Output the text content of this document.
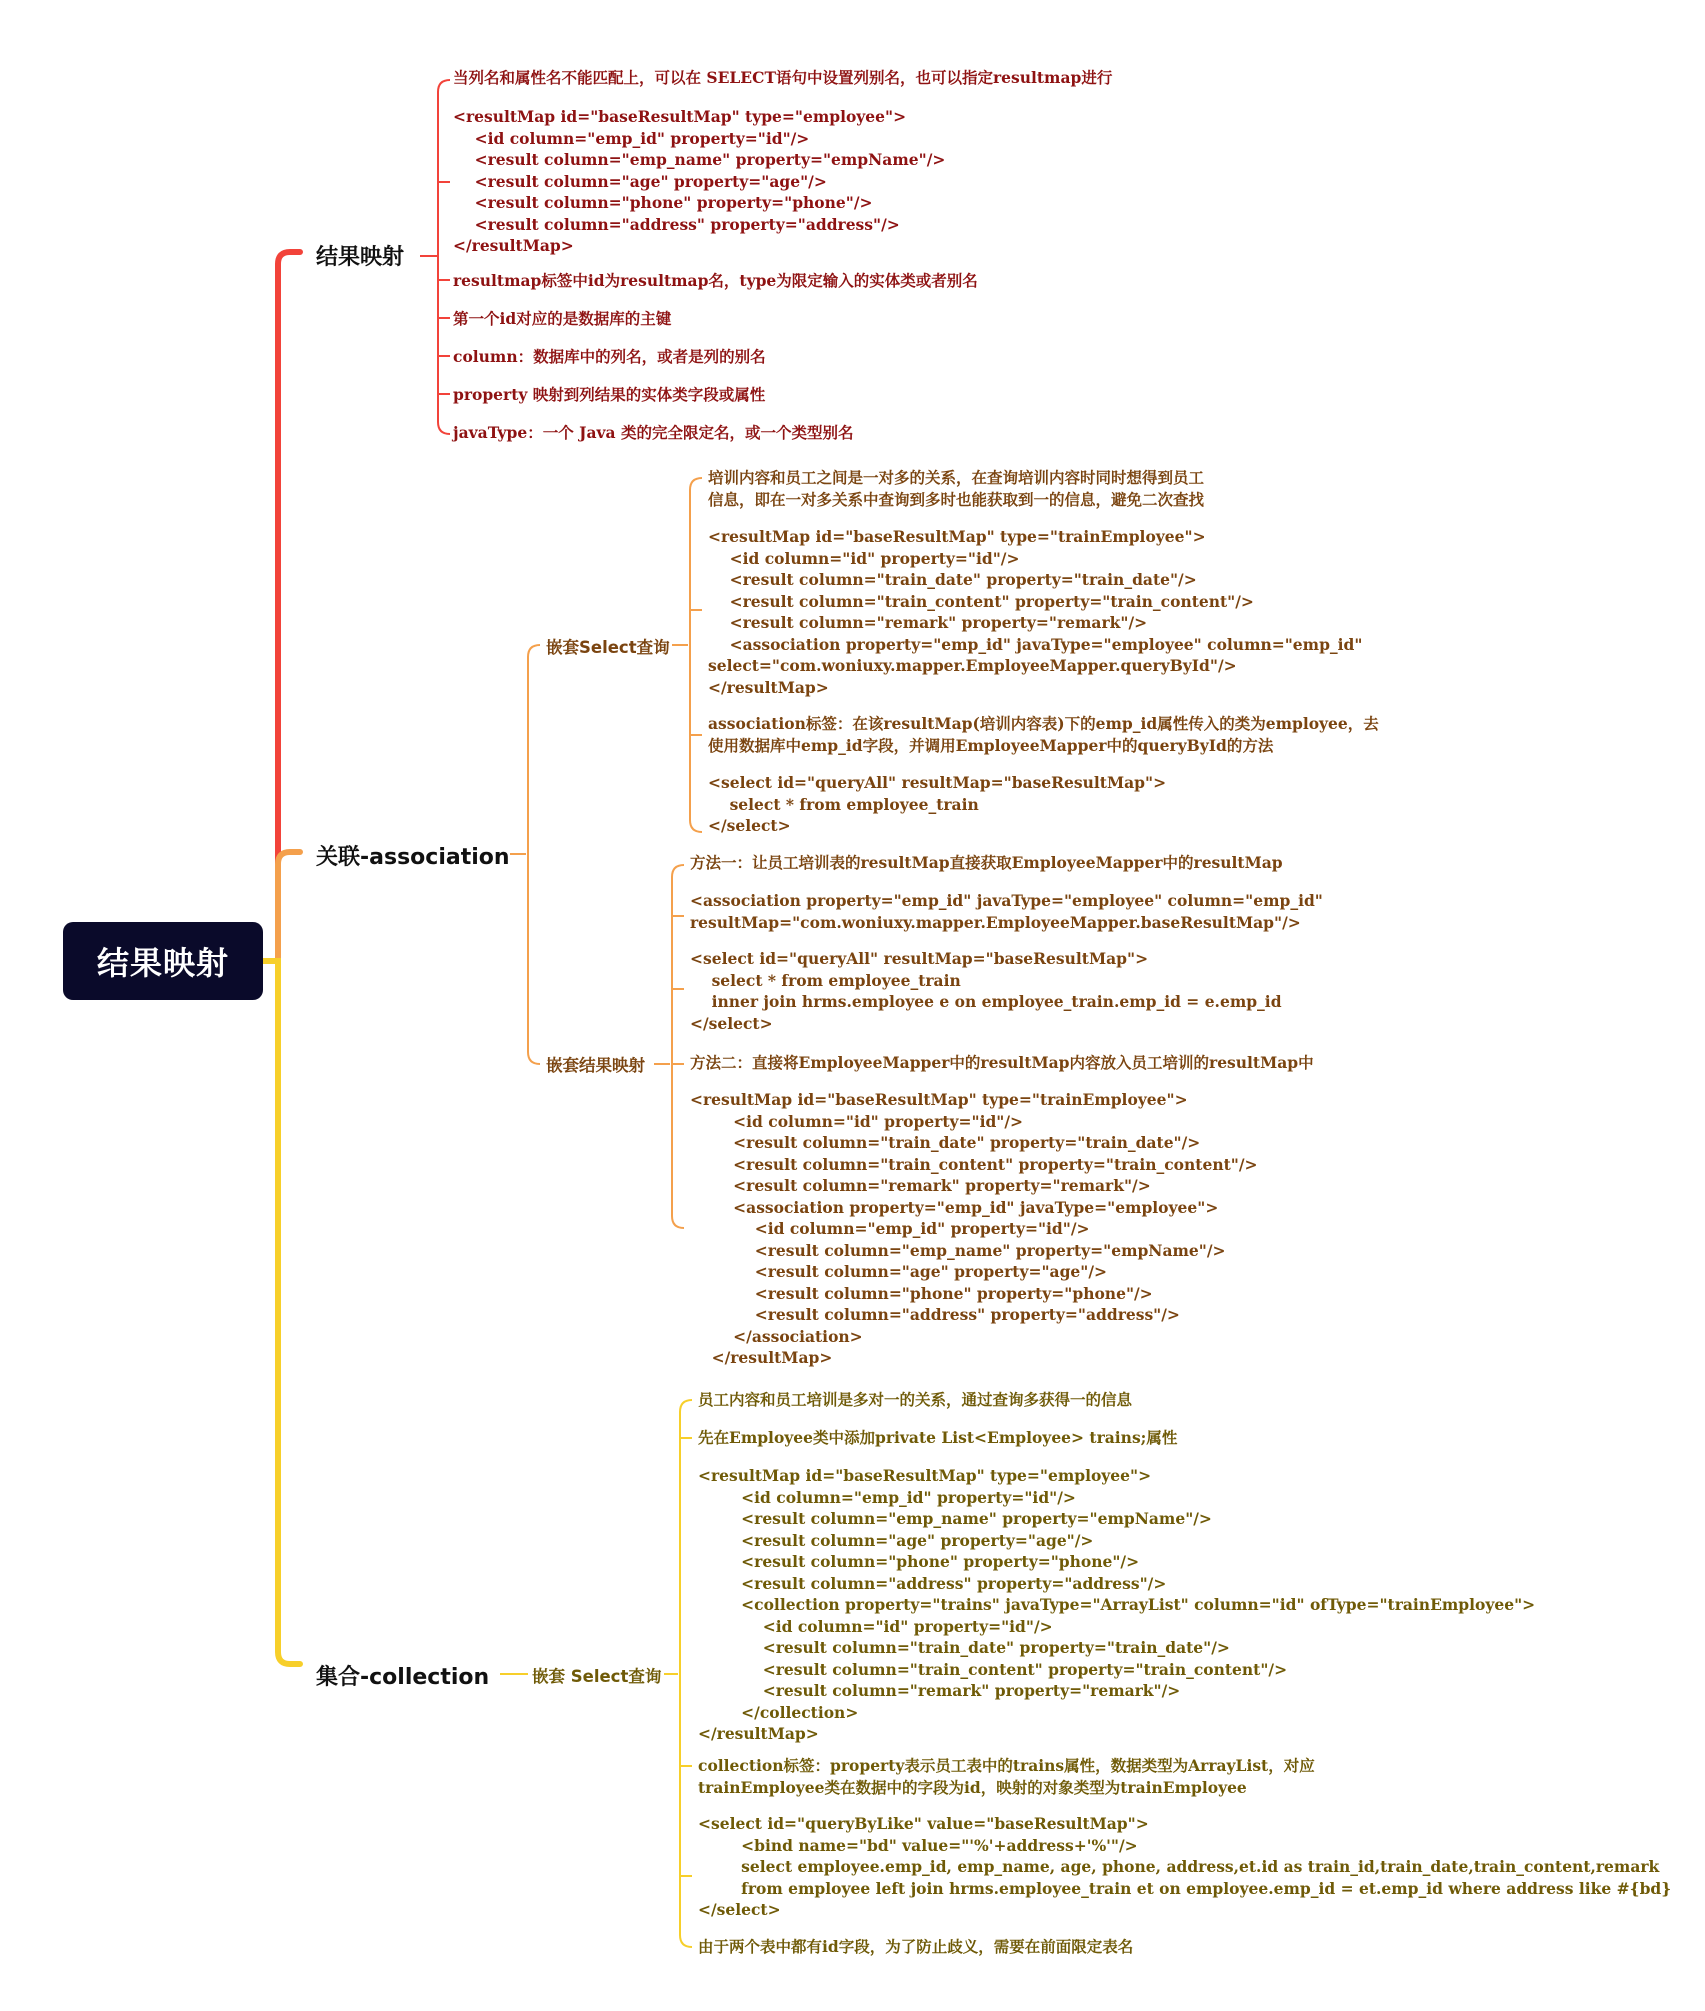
结果映射
结果映射
关联-association
集合-collection
当列名和属性名不能匹配上，可以在 SELECT语句中设置列别名，也可以指定resultmap进行
<resultMap id="baseResultMap" type="employee">
<id column="emp_id" property="id"/>
<result column="emp_name" property="empName"/>
<result column="age" property="age"/>
<result column="phone" property="phone"/>
<result column="address" property="address"/>
</resultMap>
resultmap标签中id为resultmap名，type为限定输入的实体类或者别名
第一个id对应的是数据库的主键
column：数据库中的列名，或者是列的别名
property 映射到列结果的实体类字段或属性
javaType：一个 Java 类的完全限定名，或一个类型别名
嵌套Select查询
嵌套结果映射
培训内容和员工之间是一对多的关系，在查询培训内容时同时想得到员工
信息，即在一对多关系中查询到多时也能获取到一的信息，避免二次查找
<resultMap id="baseResultMap" type="trainEmployee">
<id column="id" property="id"/>
<result column="train_date" property="train_date"/>
<result column="train_content" property="train_content"/>
<result column="remark" property="remark"/>
<association property="emp_id" javaType="employee" column="emp_id"
select="com.woniuxy.mapper.EmployeeMapper.queryById"/>
</resultMap>
association标签：在该resultMap(培训内容表)下的emp_id属性传入的类为employee，去
使用数据库中emp_id字段，并调用EmployeeMapper中的queryById的方法
<select id="queryAll" resultMap="baseResultMap">
select * from employee_train
</select>
方法一：让员工培训表的resultMap直接获取EmployeeMapper中的resultMap
<association property="emp_id" javaType="employee" column="emp_id"
resultMap="com.woniuxy.mapper.EmployeeMapper.baseResultMap"/>
<select id="queryAll" resultMap="baseResultMap">
select * from employee_train
inner join hrms.employee e on employee_train.emp_id = e.emp_id
</select>
方法二：直接将EmployeeMapper中的resultMap内容放入员工培训的resultMap中
<resultMap id="baseResultMap" type="trainEmployee">
<id column="id" property="id"/>
<result column="train_date" property="train_date"/>
<result column="train_content" property="train_content"/>
<result column="remark" property="remark"/>
<association property="emp_id" javaType="employee">
<id column="emp_id" property="id"/>
<result column="emp_name" property="empName"/>
<result column="age" property="age"/>
<result column="phone" property="phone"/>
<result column="address" property="address"/>
</association>
</resultMap>
嵌套 Select查询
员工内容和员工培训是多对一的关系，通过查询多获得一的信息
先在Employee类中添加private List<Employee> trains;属性
<resultMap id="baseResultMap" type="employee">
<id column="emp_id" property="id"/>
<result column="emp_name" property="empName"/>
<result column="age" property="age"/>
<result column="phone" property="phone"/>
<result column="address" property="address"/>
<collection property="trains" javaType="ArrayList" column="id" ofType="trainEmployee">
<id column="id" property="id"/>
<result column="train_date" property="train_date"/>
<result column="train_content" property="train_content"/>
<result column="remark" property="remark"/>
</collection>
</resultMap>
collection标签：property表示员工表中的trains属性，数据类型为ArrayList，对应
trainEmployee类在数据中的字段为id，映射的对象类型为trainEmployee
<select id="queryByLike" value="baseResultMap">
<bind name="bd" value="'%'+address+'%'"/>
select employee.emp_id, emp_name, age, phone, address,et.id as train_id,train_date,train_content,remark
from employee left join hrms.employee_train et on employee.emp_id = et.emp_id where address like #{bd}
</select>
由于两个表中都有id字段，为了防止歧义，需要在前面限定表名
